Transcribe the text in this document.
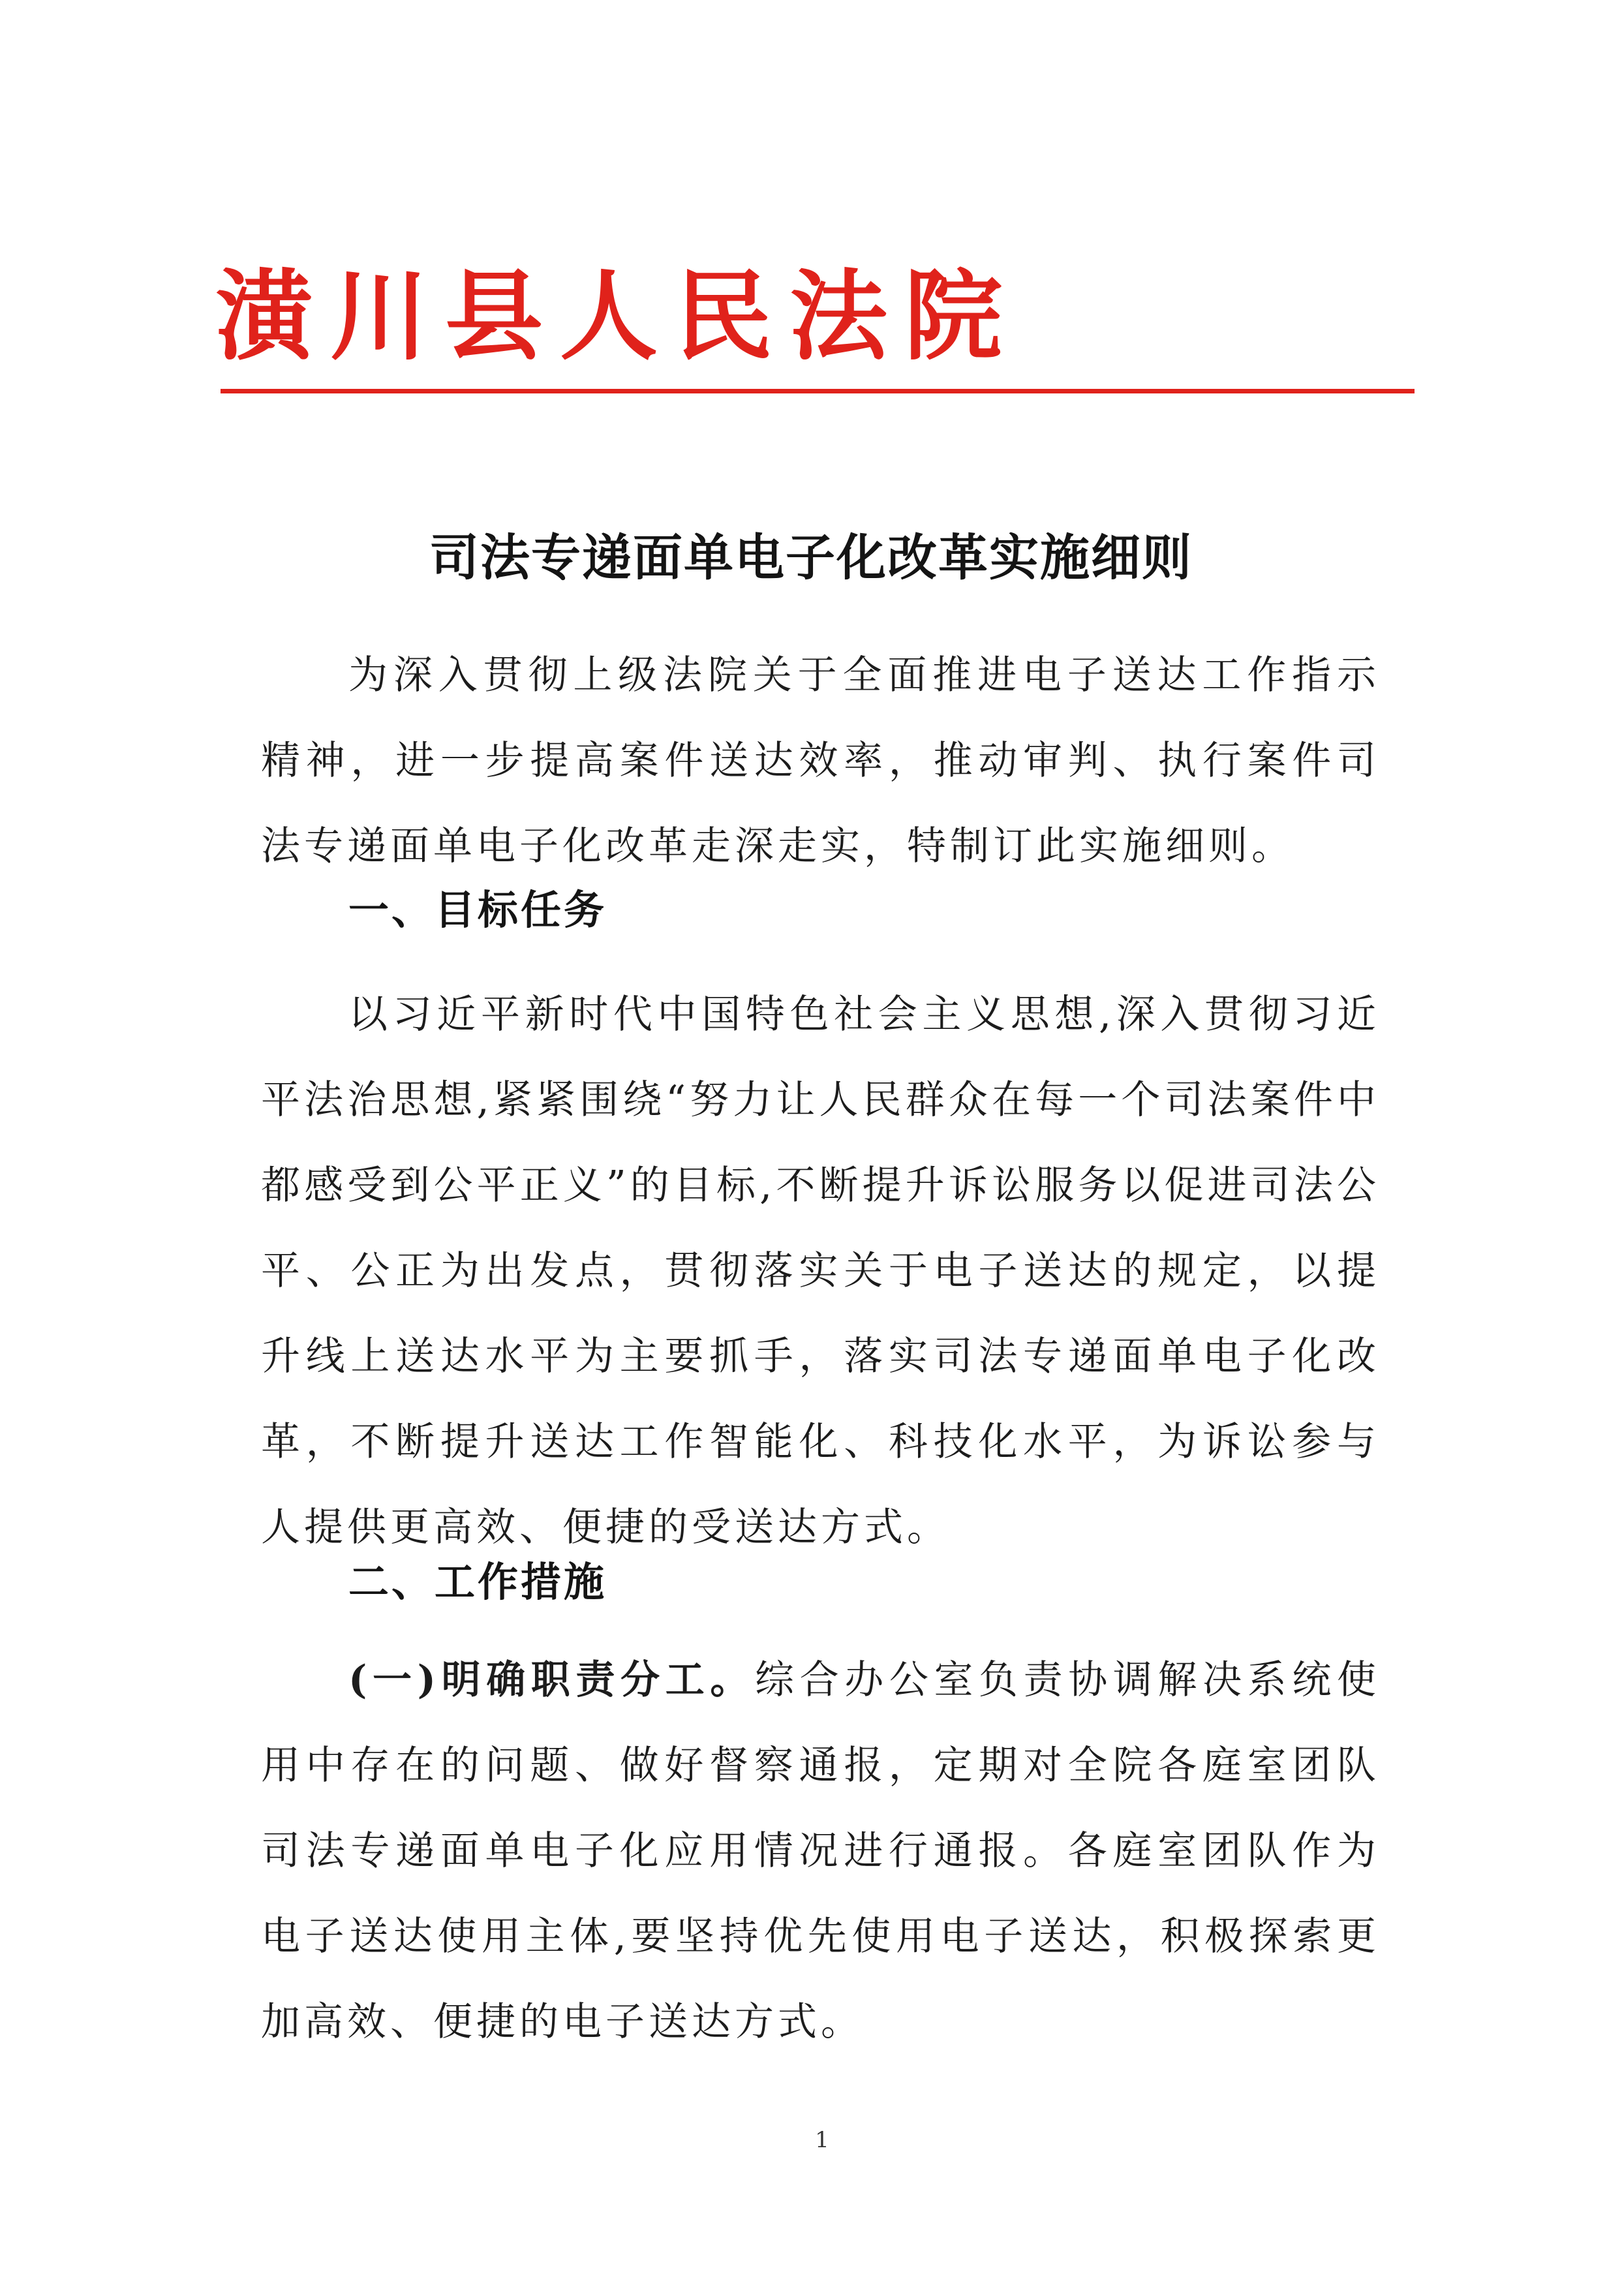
潢川县人民法院
司法专递面单电子化改革实施细则

为深入贯彻上级法院关于全面推进电子送达工作指示精神，进一步提高案件送达效率，推动审判、执行案件司法专递面单电子化改革走深走实，特制订此实施细则。

一、目标任务

以习近平新时代中国特色社会主义思想,深入贯彻习近平法治思想,紧紧围绕“努力让人民群众在每一个司法案件中都感受到公平正义”的目标,不断提升诉讼服务以促进司法公平、公正为出发点，贯彻落实关于电子送达的规定，以提升线上送达水平为主要抓手，落实司法专递面单电子化改革，不断提升送达工作智能化、科技化水平，为诉讼参与人提供更高效、便捷的受送达方式。

二、工作措施

(一)明确职责分工。综合办公室负责协调解决系统使用中存在的问题、做好督察通报，定期对全院各庭室团队司法专递面单电子化应用情况进行通报。各庭室团队作为电子送达使用主体,要坚持优先使用电子送达，积极探索更加高效、便捷的电子送达方式。

1
